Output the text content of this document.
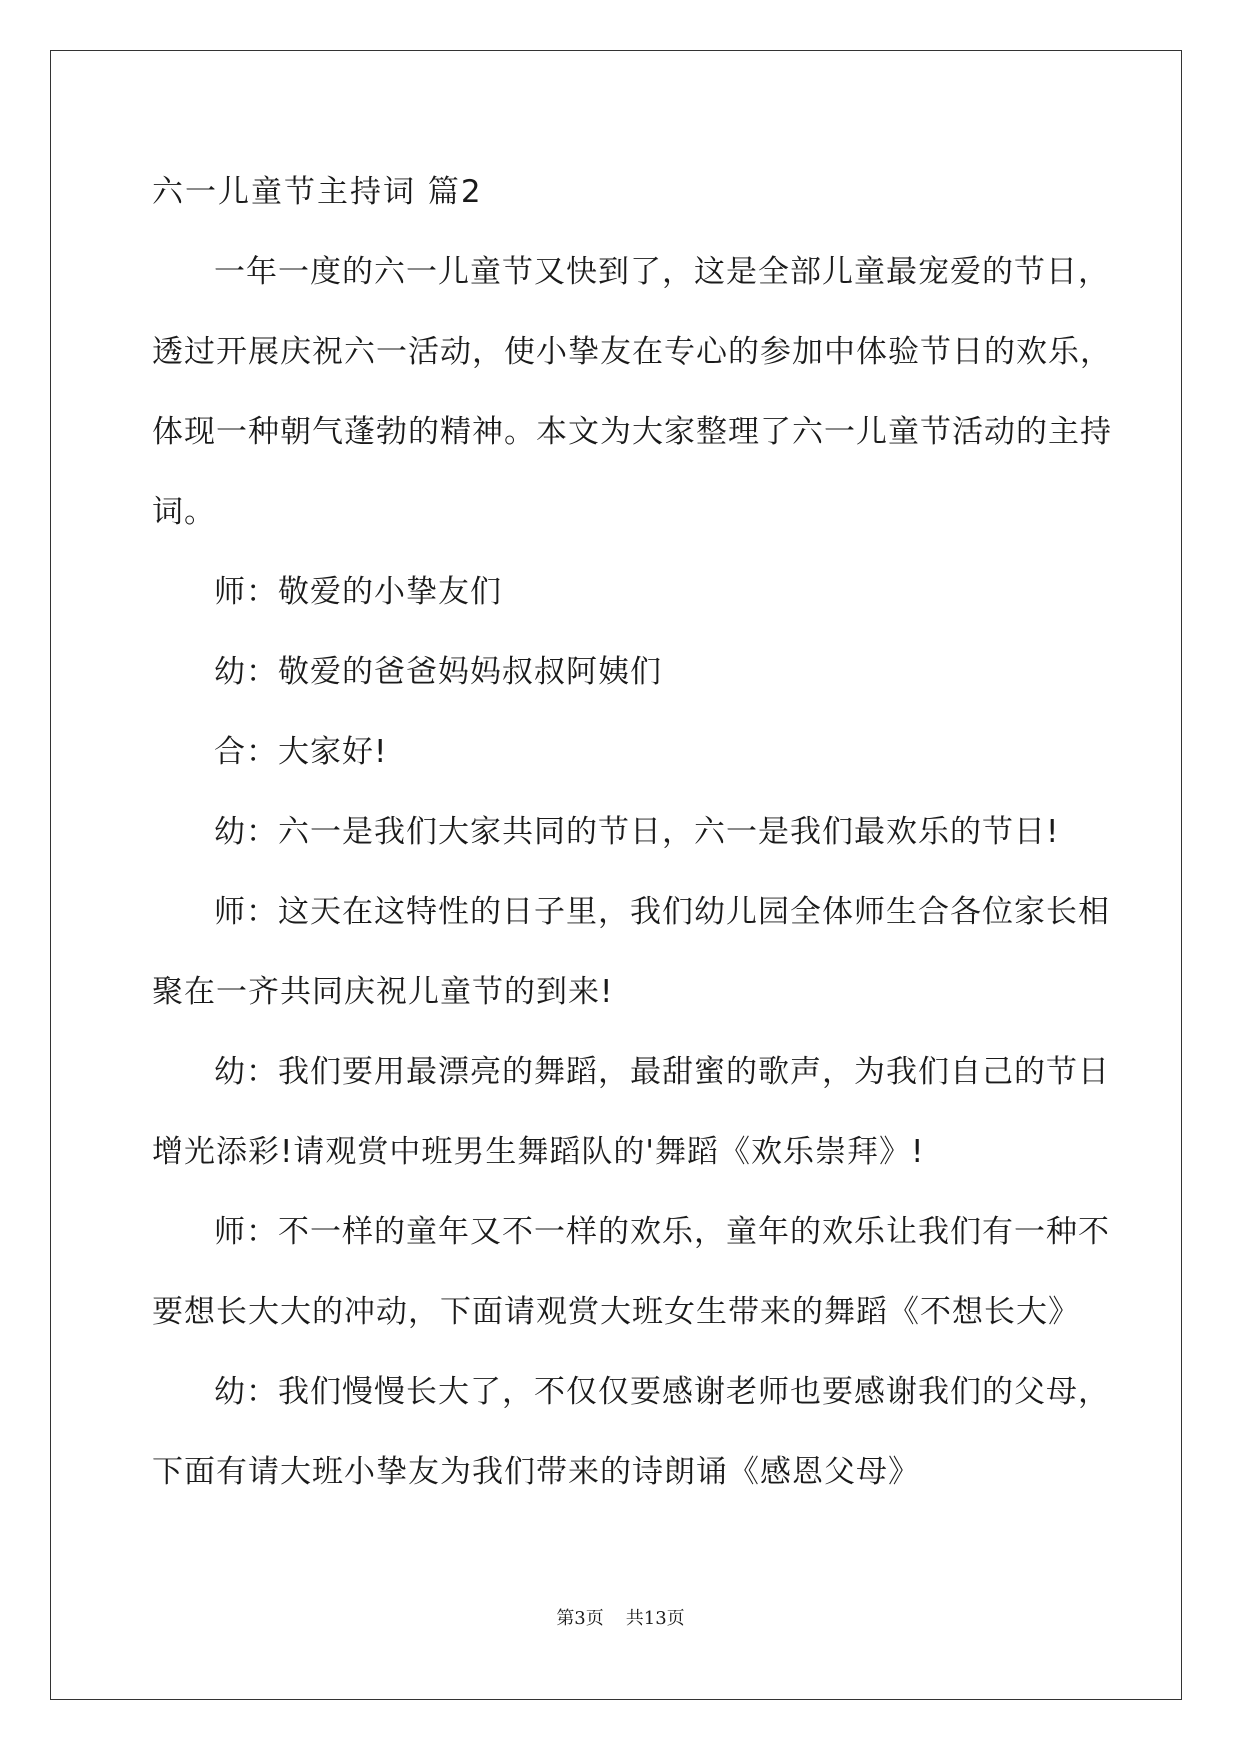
六一儿童节主持词 篇2
一年一度的六一儿童节又快到了，这是全部儿童最宠爱的节日，
透过开展庆祝六一活动，使小挚友在专心的参加中体验节日的欢乐，
体现一种朝气蓬勃的精神。本文为大家整理了六一儿童节活动的主持
词。
师：敬爱的小挚友们
幼：敬爱的爸爸妈妈叔叔阿姨们
合：大家好!
幼：六一是我们大家共同的节日，六一是我们最欢乐的节日!
师：这天在这特性的日子里，我们幼儿园全体师生合各位家长相
聚在一齐共同庆祝儿童节的到来!
幼：我们要用最漂亮的舞蹈，最甜蜜的歌声，为我们自己的节日
增光添彩!请观赏中班男生舞蹈队的'舞蹈《欢乐崇拜》!
师：不一样的童年又不一样的欢乐，童年的欢乐让我们有一种不
要想长大大的冲动，下面请观赏大班女生带来的舞蹈《不想长大》
幼：我们慢慢长大了，不仅仅要感谢老师也要感谢我们的父母，
下面有请大班小挚友为我们带来的诗朗诵《感恩父母》
第3页 共13页
